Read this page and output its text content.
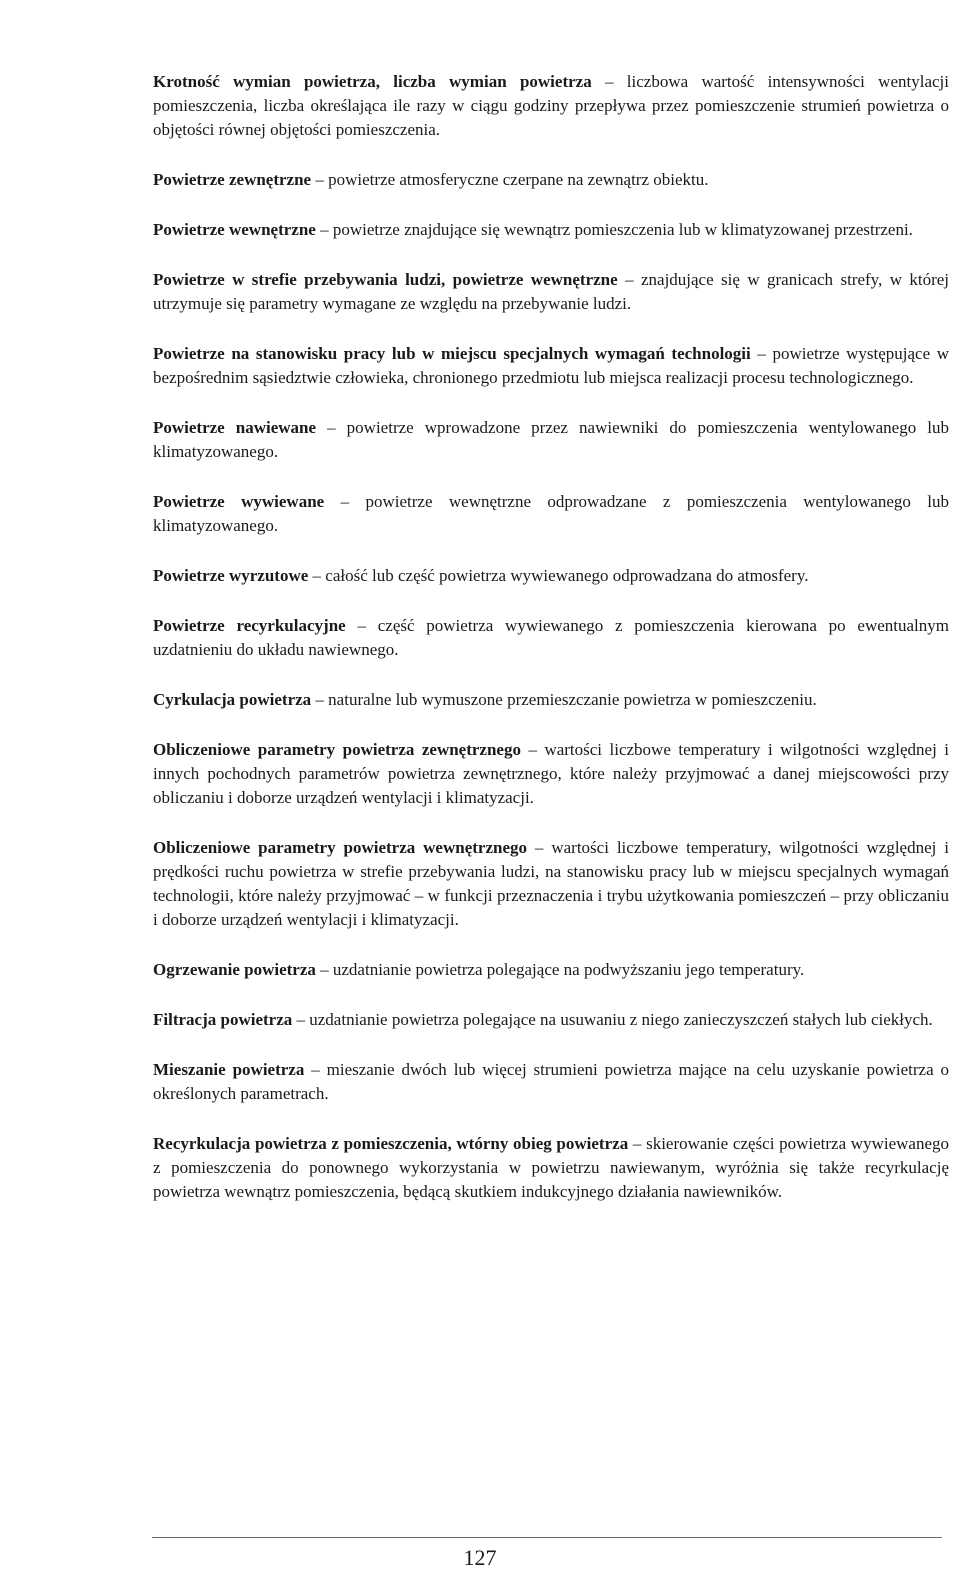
Krotność wymian powietrza, liczba wymian powietrza – liczbowa wartość intensywności wentylacji pomieszczenia, liczba określająca ile razy w ciągu godziny przepływa przez pomieszczenie strumień powietrza o objętości równej objętości pomieszczenia.

Powietrze zewnętrzne – powietrze atmosferyczne czerpane na zewnątrz obiektu.

Powietrze wewnętrzne – powietrze znajdujące się wewnątrz pomieszczenia lub w klimatyzowanej przestrzeni.

Powietrze w strefie przebywania ludzi, powietrze wewnętrzne – znajdujące się w granicach strefy, w której utrzymuje się parametry wymagane ze względu na przebywanie ludzi.

Powietrze na stanowisku pracy lub w miejscu specjalnych wymagań technologii – powietrze występujące w bezpośrednim sąsiedztwie człowieka, chronionego przedmiotu lub miejsca realizacji procesu technologicznego.

Powietrze nawiewane – powietrze wprowadzone przez nawiewniki do pomieszczenia wentylowanego lub klimatyzowanego.

Powietrze wywiewane – powietrze wewnętrzne odprowadzane z pomieszczenia wentylowanego lub klimatyzowanego.

Powietrze wyrzutowe – całość lub część powietrza wywiewanego odprowadzana do atmosfery.

Powietrze recyrkulacyjne – część powietrza wywiewanego z pomieszczenia kierowana po ewentualnym uzdatnieniu do układu nawiewnego.

Cyrkulacja powietrza – naturalne lub wymuszone przemieszczanie powietrza w pomieszczeniu.

Obliczeniowe parametry powietrza zewnętrznego – wartości liczbowe temperatury i wilgotności względnej i innych pochodnych parametrów powietrza zewnętrznego, które należy przyjmować a danej miejscowości przy obliczaniu i doborze urządzeń wentylacji i klimatyzacji.

Obliczeniowe parametry powietrza wewnętrznego – wartości liczbowe temperatury, wilgotności względnej i prędkości ruchu powietrza w strefie przebywania ludzi, na stanowisku pracy lub w miejscu specjalnych wymagań technologii, które należy przyjmować – w funkcji przeznaczenia i trybu użytkowania pomieszczeń – przy obliczaniu i doborze urządzeń wentylacji i klimatyzacji.

Ogrzewanie powietrza – uzdatnianie powietrza polegające na podwyższaniu jego temperatury.

Filtracja powietrza – uzdatnianie powietrza polegające na usuwaniu z niego zanieczyszczeń stałych lub ciekłych.

Mieszanie powietrza – mieszanie dwóch lub więcej strumieni powietrza mające na celu uzyskanie powietrza o określonych parametrach.

Recyrkulacja powietrza z pomieszczenia, wtórny obieg powietrza – skierowanie części powietrza wywiewanego z pomieszczenia do ponownego wykorzystania w powietrzu nawiewanym, wyróżnia się także recyrkulację powietrza wewnątrz pomieszczenia, będącą skutkiem indukcyjnego działania nawiewników.

127
